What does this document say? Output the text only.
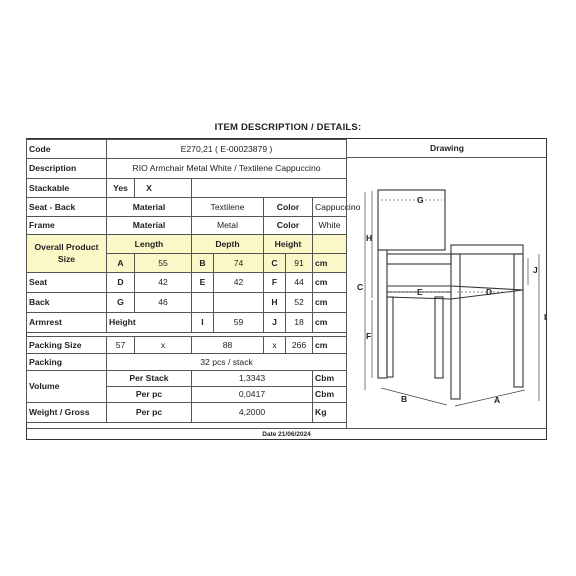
ITEM DESCRIPTION / DETAILS:
Code	E270,21 ( E-00023879 )						
Description	RIO Armchair Metal White / Textilene Cappuccino						
Stackable	Yes	X					
Seat - Back	Material		Textilene		Color		Cappuccino
Frame	Material		Metal		Color		White
Overall Product Size	Length		Depth		Height		
	A	55	B	74	C	91	cm
Seat	D	42	E	42	F	44	cm
Back	G	46			H	52	cm
Armrest	Height		I	59	J	18	cm

Packing Size	57	x	88		x	266	cm
Packing	32 pcs / stack						
Volume	Per Stack		1,3343				Cbm
	Per pc		0,0417				Cbm
Weight / Gross	Per pc		4,2000				Kg
Drawing
G
H
C	E	D
F
J
I
B	A
Date 21/06/2024
